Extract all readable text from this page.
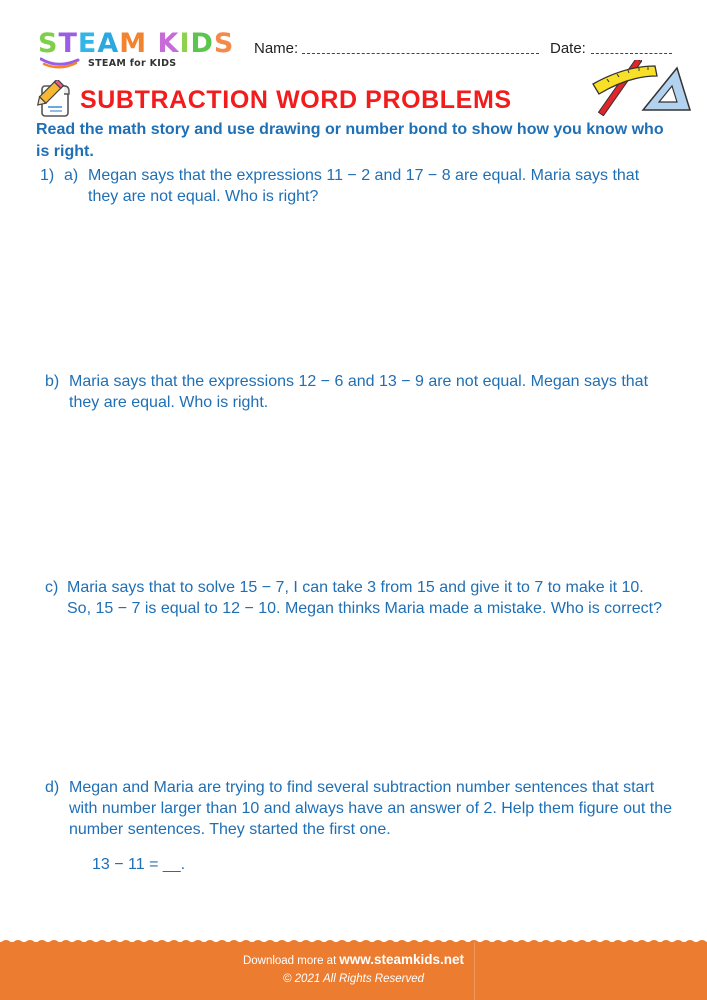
STEAM KIDS
STEAM for KIDS
Name:	Date:
SUBTRACTION WORD PROBLEMS
Read the math story and use drawing or number bond to show how you know who is right.
1) a) Megan says that the expressions 11 − 2 and 17 − 8 are equal. Maria says that they are not equal. Who is right?
b) Maria says that the expressions 12 − 6 and 13 − 9 are not equal. Megan says that they are equal. Who is right.
c) Maria says that to solve 15 − 7, I can take 3 from 15 and give it to 7 to make it 10. So, 15 − 7 is equal to 12 − 10. Megan thinks Maria made a mistake. Who is correct?
d) Megan and Maria are trying to find several subtraction number sentences that start with number larger than 10 and always have an answer of 2. Help them figure out the number sentences. They started the first one.
13 − 11 = __.
Download more at www.steamkids.net
© 2021 All Rights Reserved
